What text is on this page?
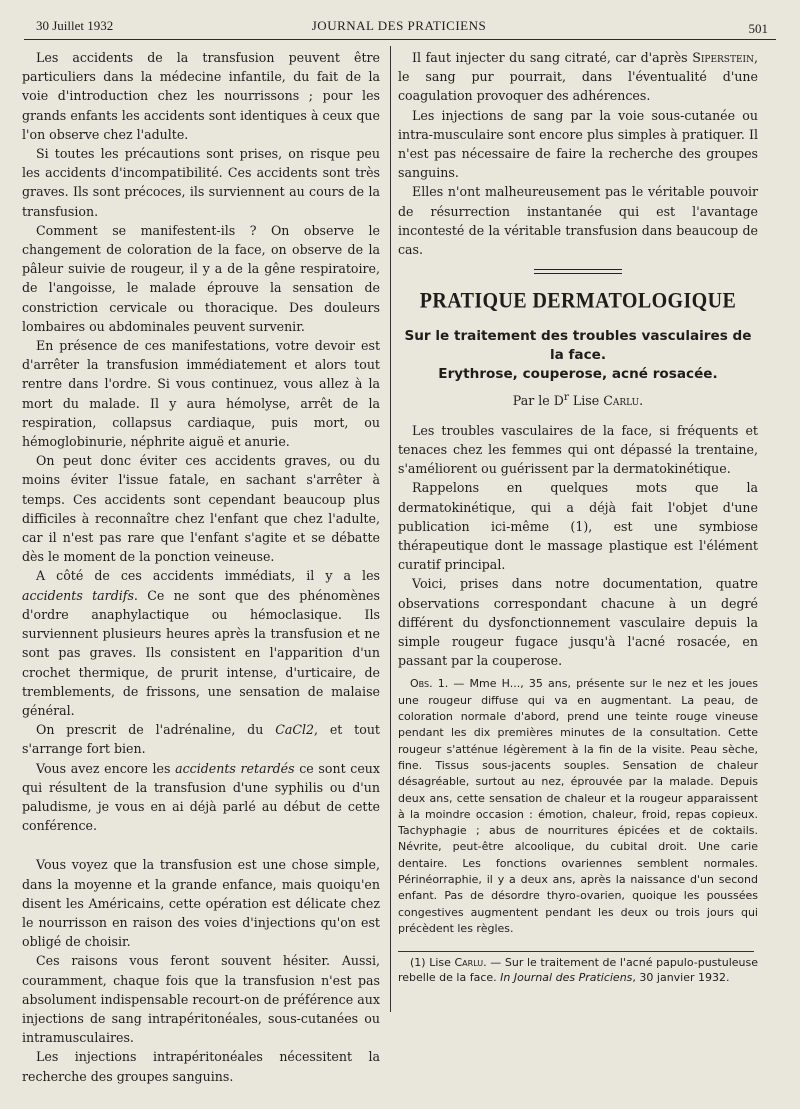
30 Juillet 1932	JOURNAL DES PRATICIENS	501

Les accidents de la transfusion peuvent être particuliers dans la médecine infantile, du fait de la voie d'introduction chez les nourrissons ; pour les grands enfants les accidents sont identiques à ceux que l'on observe chez l'adulte.

Si toutes les précautions sont prises, on risque peu les accidents d'incompatibilité. Ces accidents sont très graves. Ils sont précoces, ils surviennent au cours de la transfusion.

Comment se manifestent-ils ? On observe le changement de coloration de la face, on observe de la pâleur suivie de rougeur, il y a de la gêne respiratoire, de l'angoisse, le malade éprouve la sensation de constriction cervicale ou thoracique. Des douleurs lombaires ou abdominales peuvent survenir.

En présence de ces manifestations, votre devoir est d'arrêter la transfusion immédiatement et alors tout rentre dans l'ordre. Si vous continuez, vous allez à la mort du malade. Il y aura hémolyse, arrêt de la respiration, collapsus cardiaque, puis mort, ou hémoglobinurie, néphrite aiguë et anurie.

On peut donc éviter ces accidents graves, ou du moins éviter l'issue fatale, en sachant s'arrêter à temps. Ces accidents sont cependant beaucoup plus difficiles à reconnaître chez l'enfant que chez l'adulte, car il n'est pas rare que l'enfant s'agite et se débatte dès le moment de la ponction veineuse.

A côté de ces accidents immédiats, il y a les accidents tardifs. Ce ne sont que des phénomènes d'ordre anaphylactique ou hémoclasique. Ils surviennent plusieurs heures après la transfusion et ne sont pas graves. Ils consistent en l'apparition d'un crochet thermique, de prurit intense, d'urticaire, de tremblements, de frissons, une sensation de malaise général.

On prescrit de l'adrénaline, du CaCl2, et tout s'arrange fort bien.

Vous avez encore les accidents retardés ce sont ceux qui résultent de la transfusion d'une syphilis ou d'un paludisme, je vous en ai déjà parlé au début de cette conférence.

Vous voyez que la transfusion est une chose simple, dans la moyenne et la grande enfance, mais quoiqu'en disent les Américains, cette opération est délicate chez le nourrisson en raison des voies d'injections qu'on est obligé de choisir.

Ces raisons vous feront souvent hésiter. Aussi, couramment, chaque fois que la transfusion n'est pas absolument indispensable recourt-on de préférence aux injections de sang intrapéritonéales, sous-cutanées ou intramusculaires.

Les injections intrapéritonéales nécessitent la recherche des groupes sanguins.

Il faut injecter du sang citraté, car d'après Siperstein, le sang pur pourrait, dans l'éventualité d'une coagulation provoquer des adhérences.

Les injections de sang par la voie sous-cutanée ou intra-musculaire sont encore plus simples à pratiquer. Il n'est pas nécessaire de faire la recherche des groupes sanguins.

Elles n'ont malheureusement pas le véritable pouvoir de résurrection instantanée qui est l'avantage incontesté de la véritable transfusion dans beaucoup de cas.

PRATIQUE DERMATOLOGIQUE
Sur le traitement des troubles vasculaires de la face.
Erythrose, couperose, acné rosacée.
Par le $D^r$ Lise Carlu.

Les troubles vasculaires de la face, si fréquents et tenaces chez les femmes qui ont dépassé la trentaine, s'améliorent ou guérissent par la dermatokinétique.

Rappelons en quelques mots que la dermatokinétique, qui a déjà fait l'objet d'une publication ici-même (1), est une symbiose thérapeutique dont le massage plastique est l'élément curatif principal.

Voici, prises dans notre documentation, quatre observations correspondant chacune à un degré différent du dysfonctionnement vasculaire depuis la simple rougeur fugace jusqu'à l'acné rosacée, en passant par la couperose.

Obs. 1. — Mme H..., 35 ans, présente sur le nez et les joues une rougeur diffuse qui va en augmentant. La peau, de coloration normale d'abord, prend une teinte rouge vineuse pendant les dix premières minutes de la consultation. Cette rougeur s'atténue légèrement à la fin de la visite. Peau sèche, fine. Tissus sous-jacents souples. Sensation de chaleur désagréable, surtout au nez, éprouvée par la malade. Depuis deux ans, cette sensation de chaleur et la rougeur apparaissent à la moindre occasion : émotion, chaleur, froid, repas copieux. Tachyphagie ; abus de nourritures épicées et de coktails. Névrite, peut-être alcoolique, du cubital droit. Une carie dentaire. Les fonctions ovariennes semblent normales. Périnéorraphie, il y a deux ans, après la naissance d'un second enfant. Pas de désordre thyro-ovarien, quoique les poussées congestives augmentent pendant les deux ou trois jours qui précèdent les règles.
(1) Lise Carlu. — Sur le traitement de l'acné papulo-pustuleuse rebelle de la face. In Journal des Praticiens, 30 janvier 1932.
